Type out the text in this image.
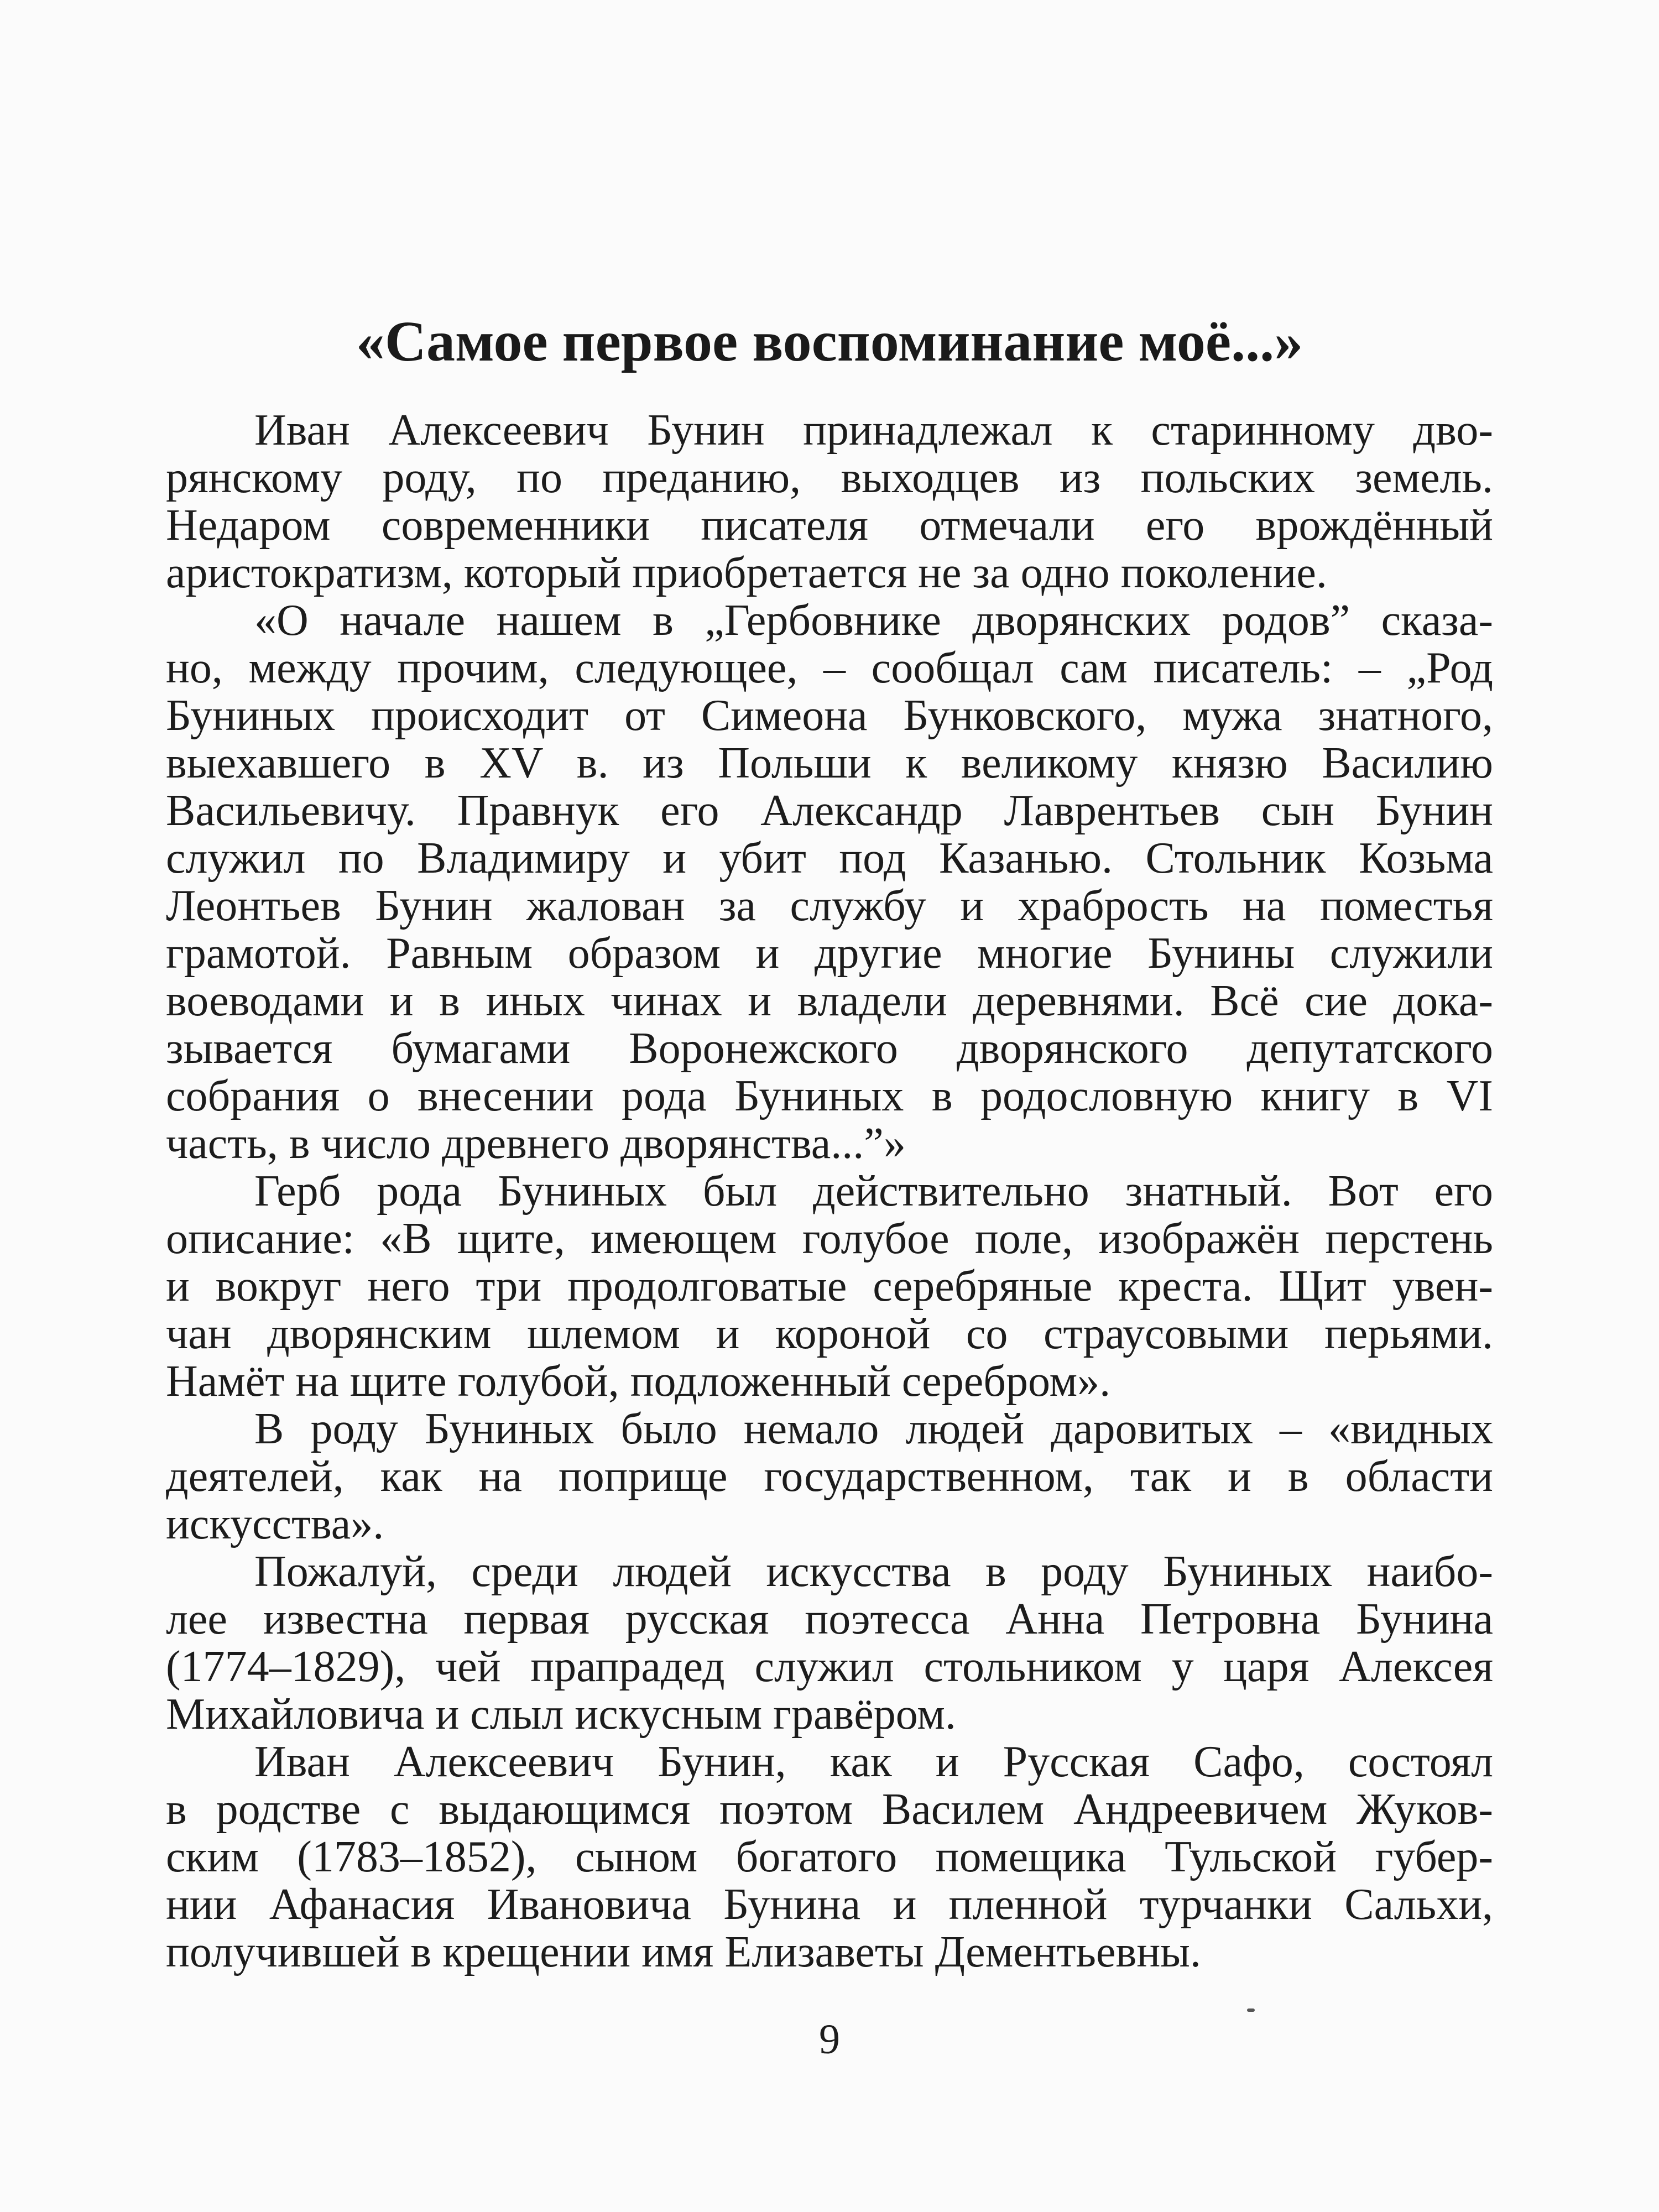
«Самое первое воспоминание моё...»
Иван Алексеевич Бунин принадлежал к старинному дво-
рянскому роду, по преданию, выходцев из польских земель.
Недаром современники писателя отмечали его врождённый
аристократизм, который приобретается не за одно поколение.
«О начале нашем в „Гербовнике дворянских родов” сказа-
но, между прочим, следующее, – сообщал сам писатель: – „Род
Буниных происходит от Симеона Бунковского, мужа знатного,
выехавшего в XV в. из Польши к великому князю Василию
Васильевичу. Правнук его Александр Лаврентьев сын Бунин
служил по Владимиру и убит под Казанью. Стольник Козьма
Леонтьев Бунин жалован за службу и храбрость на поместья
грамотой. Равным образом и другие многие Бунины служили
воеводами и в иных чинах и владели деревнями. Всё сие дока-
зывается бумагами Воронежского дворянского депутатского
собрания о внесении рода Буниных в родословную книгу в VI
часть, в число древнего дворянства...”»
Герб рода Буниных был действительно знатный. Вот его
описание: «В щите, имеющем голубое поле, изображён перстень
и вокруг него три продолговатые серебряные креста. Щит увен-
чан дворянским шлемом и короной со страусовыми перьями.
Намёт на щите голубой, подложенный серебром».
В роду Буниных было немало людей даровитых – «видных
деятелей, как на поприще государственном, так и в области
искусства».
Пожалуй, среди людей искусства в роду Буниных наибо-
лее известна первая русская поэтесса Анна Петровна Бунина
(1774–1829), чей прапрадед служил стольником у царя Алексея
Михайловича и слыл искусным гравёром.
Иван Алексеевич Бунин, как и Русская Сафо, состоял
в родстве с выдающимся поэтом Василем Андреевичем Жуков-
ским (1783–1852), сыном богатого помещика Тульской губер-
нии Афанасия Ивановича Бунина и пленной турчанки Сальхи,
получившей в крещении имя Елизаветы Дементьевны.
9
